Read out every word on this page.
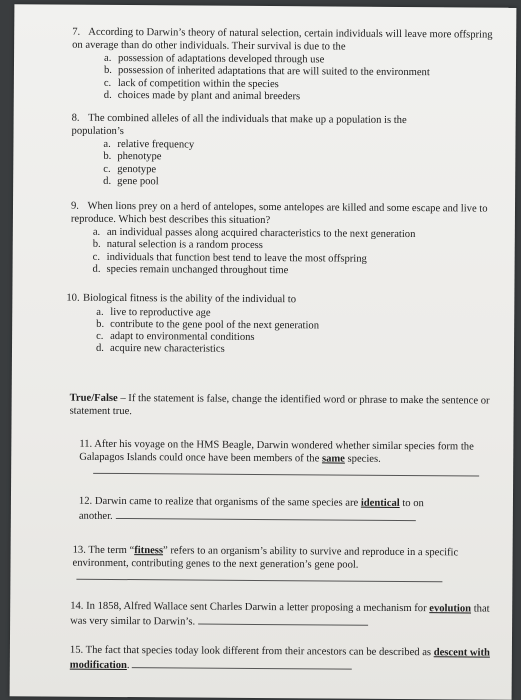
7. According to Darwin’s theory of natural selection, certain individuals will leave more offspring on average than do other individuals. Their survival is due to the

a. possession of adaptations developed through use
b. possession of inherited adaptations that are will suited to the environment
c. lack of competition within the species
d. choices made by plant and animal breeders

8. The combined alleles of all the individuals that make up a population is the population’s

a. relative frequency
b. phenotype
c. genotype
d. gene pool

9. When lions prey on a herd of antelopes, some antelopes are killed and some escape and live to reproduce. Which best describes this situation?

a. an individual passes along acquired characteristics to the next generation
b. natural selection is a random process
c. individuals that function best tend to leave the most offspring
d. species remain unchanged throughout time

10. Biological fitness is the ability of the individual to

a. live to reproductive age
b. contribute to the gene pool of the next generation
c. adapt to environmental conditions
d. acquire new characteristics
True/False – If the statement is false, change the identified word or phrase to make the sentence or statement true.
11. After his voyage on the HMS Beagle, Darwin wondered whether similar species form the Galapagos Islands could once have been members of the same species.
12. Darwin came to realize that organisms of the same species are identical to on another.
13. The term “fitness” refers to an organism’s ability to survive and reproduce in a specific environment, contributing genes to the next generation’s gene pool.
14. In 1858, Alfred Wallace sent Charles Darwin a letter proposing a mechanism for evolution that was very similar to Darwin’s.
15. The fact that species today look different from their ancestors can be described as descent with modification.
